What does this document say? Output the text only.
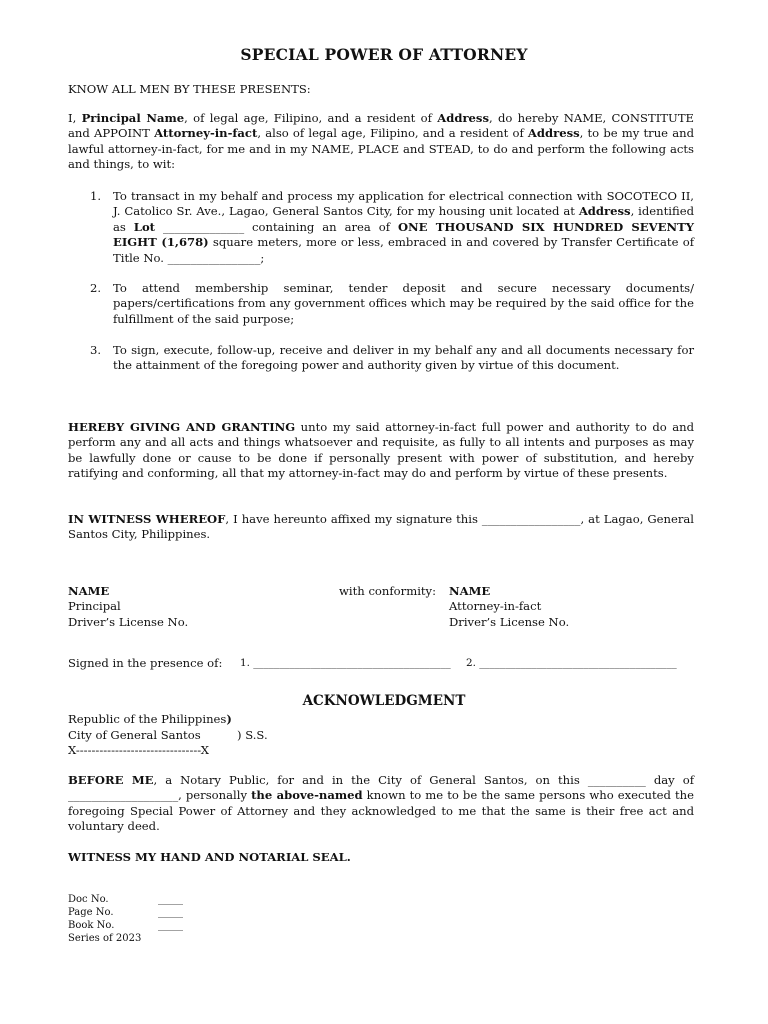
SPECIAL POWER OF ATTORNEY

KNOW ALL MEN BY THESE PRESENTS:

I, Principal Name, of legal age, Filipino, and a resident of Address, do hereby NAME, CONSTITUTE and APPOINT Attorney-in-fact, also of legal age, Filipino, and a resident of Address, to be my true and lawful attorney-in-fact, for me and in my NAME, PLACE and STEAD, to do and perform the following acts and things, to wit:

1.	To transact in my behalf and process my application for electrical connection with SOCOTECO II, J. Catolico Sr. Ave., Lagao, General Santos City, for my housing unit located at Address, identified as Lot ______________ containing an area of ONE THOUSAND SIX HUNDRED SEVENTY EIGHT (1,678) square meters, more or less, embraced in and covered by Transfer Certificate of Title No. ________________;
2.	To attend membership seminar, tender deposit and secure necessary documents/ papers/certifications from any government offices which may be required by the said office for the fulfillment of the said purpose;
3.	To sign, execute, follow-up, receive and deliver in my behalf any and all documents necessary for the attainment of the foregoing power and authority given by virtue of this document.

HEREBY GIVING AND GRANTING unto my said attorney-in-fact full power and authority to do and perform any and all acts and things whatsoever and requisite, as fully to all intents and purposes as may be lawfully done or cause to be done if personally present with power of substitution, and hereby ratifying and conforming, all that my attorney-in-fact may do and perform by virtue of these presents.

IN WITNESS WHEREOF, I have hereunto affixed my signature this _________________, at Lagao, General Santos City, Philippines.

NAME
Principal
Driver’s License No.
with conformity: NAME
Attorney-in-fact
Driver’s License No.
Signed in the presence of: 1. ______________________________________ 2. ______________________________________
ACKNOWLEDGMENT
Republic of the Philippines)
City of General Santos	) S.S.
X--------------------------------X

BEFORE ME, a Notary Public, for and in the City of General Santos, on this __________ day of ___________________, personally the above-named known to me to be the same persons who executed the foregoing Special Power of Attorney and they acknowledged to me that the same is their free act and voluntary deed.

WITNESS MY HAND AND NOTARIAL SEAL.
Doc No.	_____
Page No.	_____
Book No.	_____
Series of 2023
